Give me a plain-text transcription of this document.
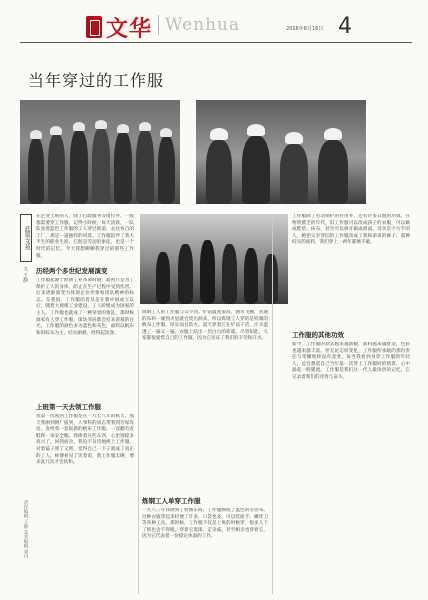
文华 Wenhua	2016年8月16日 4
当年穿过的工作服
蓝领文苑
文 王静
在企业上班的人，除了行政服务等岗位外，一般都需要穿工作服。记得小时候，每天清晨，一队队身着蓝色工作服的工人穿过街道，去往各自的工厂，那是一道独特的风景。工作服陪伴了我大半生的职业生涯，它既是劳动的象征，也是一个时代的记忆。今天我想聊聊我穿过的那些工作服。
历经两个多世纪发展演变
工作服起源于欧洲工业革命时期，最初只是为了保护工人的身体，防止在生产过程中受到伤害。后来逐渐演变为体现企业形象和团队精神的标志。在我国，工作服的普及是在新中国成立以后，随着大规模工业建设，工人阶级成为国家的主人，工作服也就成了一种荣誉的象征。那时候谁家有人穿工作服，街坊邻居都会投来羡慕的目光。工作服的颜色多为蓝色和灰色，面料以帆布和斜纹布为主，结实耐磨，经得起洗涤。
上班第一天去领工作服
我第一次领到工作服是在一九七八年的秋天，那天我刚到钢厂报到，人事科的同志带我到劳保库房，发给我一套崭新的帆布工作服、一双翻毛皮鞋和一顶安全帽。我捧着这些东西，心里别提多高兴了。回到宿舍，我迫不及待地换上工作服，对着镜子照了又照，觉得自己一下子就成了真正的工人。师傅看见了笑着说，新工作服太硬，要多洗几次才会软和。
炼钢工人的工作服与众不同。炉前温度很高，钢水飞溅，普通的布料一碰到火星就会烧出洞来，所以炼钢工人穿的是特制的帆布工作服，厚实而且防火。夏天穿着它在炉前干活，汗水湿透了一遍又一遍，衣服上结出一层白白的盐霜。尽管如此，大家都很爱惜自己的工作服，因为它见证了我们的辛劳和汗水。
炼钢工人单穿工作服
一九八三年我调到了机修车间，工作服换成了蓝色的劳动布。这种衣服穿起来轻便了许多，口袋也多，可以装扳手、螺丝刀等各种工具。那时候，工作服不仅是上班的时候穿，很多人下了班也舍不得脱，穿着它逛街、走亲戚，甚至相亲也穿着它，因为它代表着一份稳定体面的工作。
工作服除了劳动保护的作用外，还有许多其他的功效。在物资匮乏的年代，旧工作服可以改成孩子的衣服，可以做成鞋垫、抹布，甚至可以拆开做成被面。母亲是个巧手的人，她把父亲穿旧的工作服改成了我和弟弟的裤子，那种结实的面料，我们穿上一两年都磨不破。
工作服的其他功效
如今，工作服的款式越来越新颖，面料越来越舒适，色彩也越来越丰富。但无论怎样变化，工作服所承载的那份责任与荣耀始终没有改变。每当我看到身穿工作服的年轻人，总会想起自己当年第一次穿上工作服时的情景，心中涌起一股暖流。工作服是我们这一代人最珍贵的记忆，它记录着我们的青春与奋斗。
责任编辑 王静 美术编辑 刘丹
